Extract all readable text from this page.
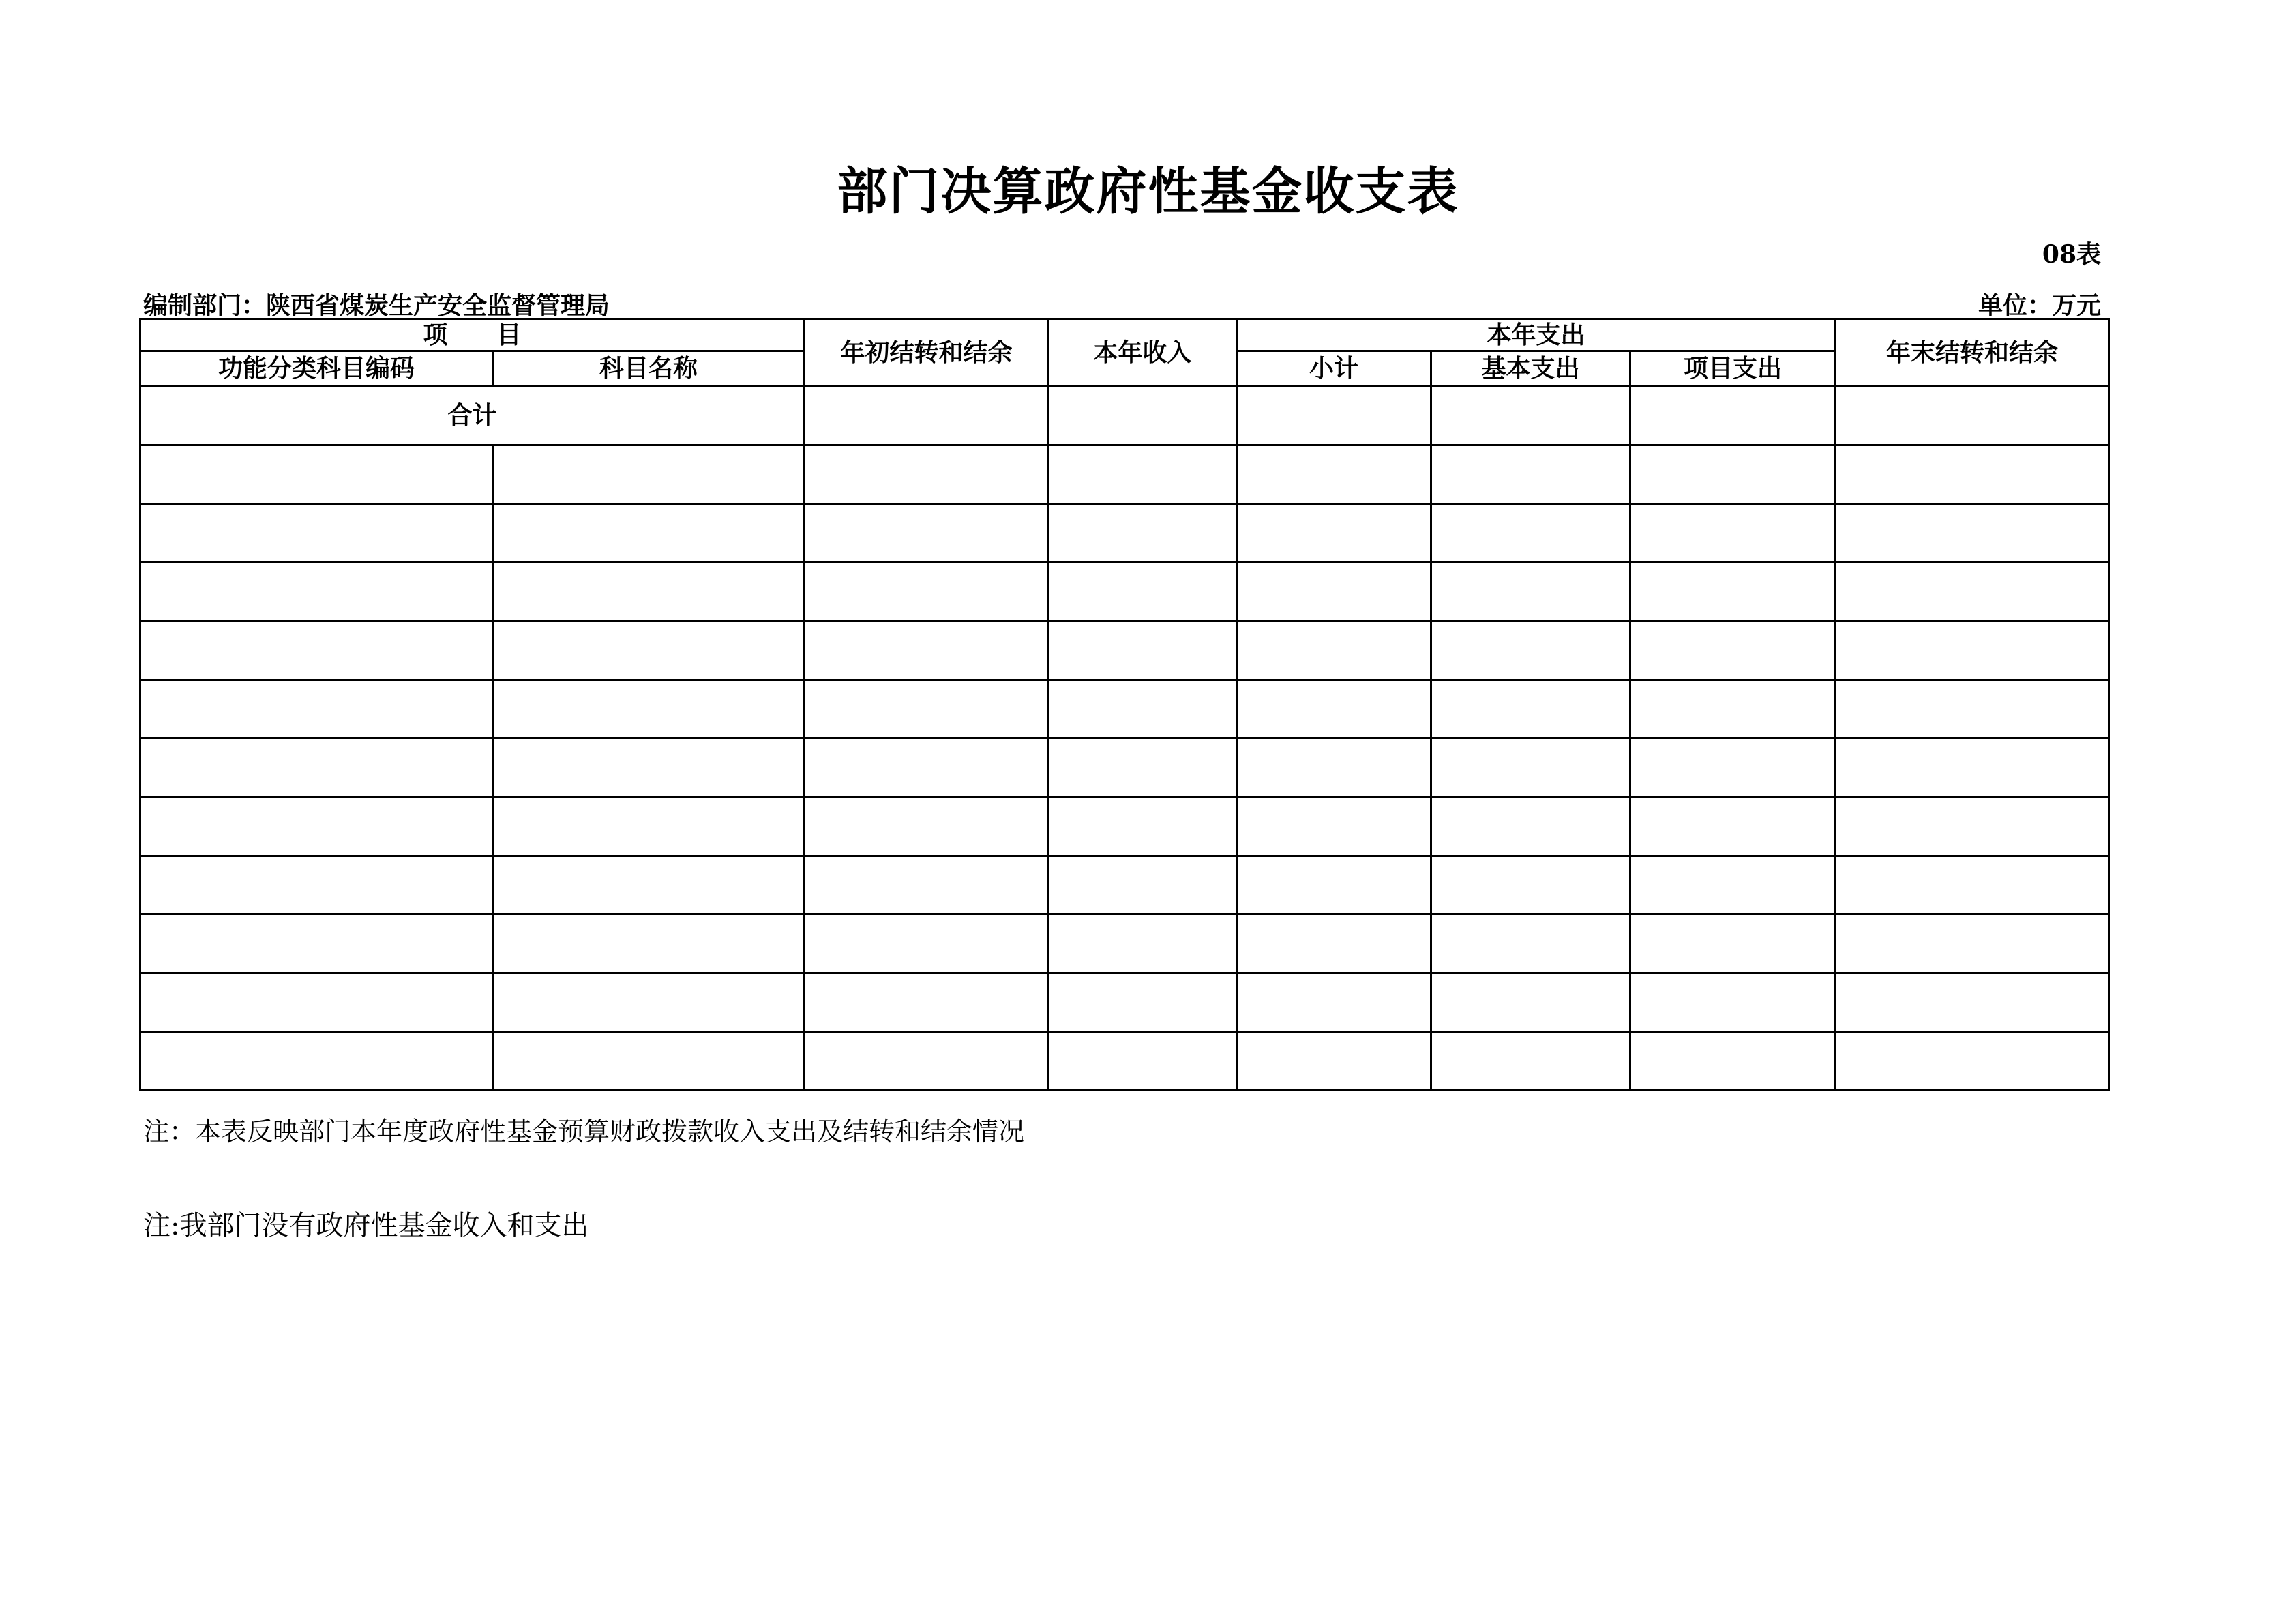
部门决算政府性基金收支表
08表
编制部门：陕西省煤炭生产安全监督管理局	单位：万元
项　　目		年初结转和结余	本年收入	本年支出			年末结转和结余
功能分类科目编码	科目名称			小计	基本支出	项目支出	
合计							

注：本表反映部门本年度政府性基金预算财政拨款收入支出及结转和结余情况
注:我部门没有政府性基金收入和支出
